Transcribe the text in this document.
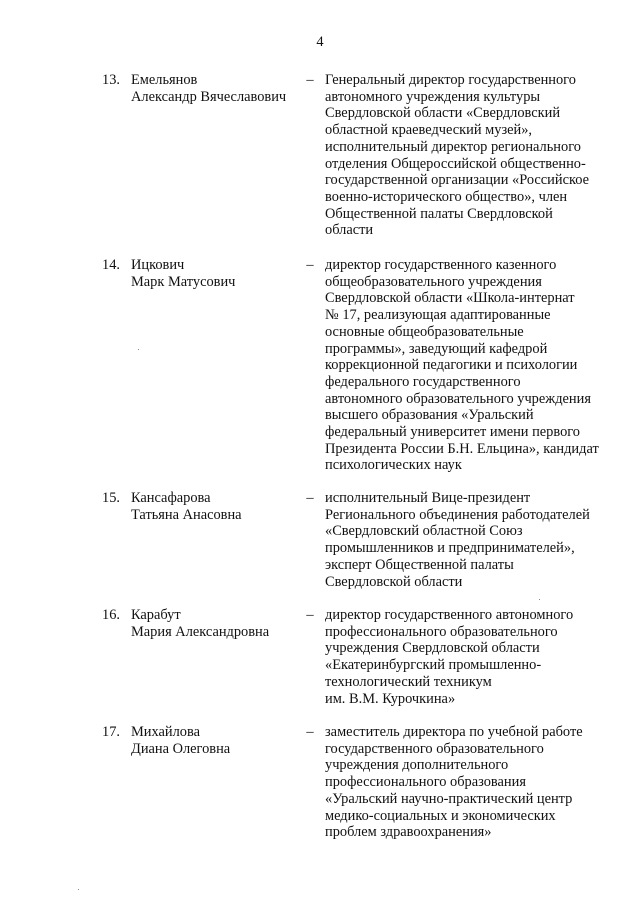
4
13. Емельянов
Александр Вячеславович
– Генеральный директор государственного
автономного учреждения культуры
Свердловской области «Свердловский
областной краеведческий музей»,
исполнительный директор регионального
отделения Общероссийской общественно-
государственной организации «Российское
военно-исторического общество», член
Общественной палаты Свердловской
области
14. Ицкович
Марк Матусович
– директор государственного казенного
общеобразовательного учреждения
Свердловской области «Школа-интернат
№ 17, реализующая адаптированные
основные общеобразовательные
программы», заведующий кафедрой
коррекционной педагогики и психологии
федерального государственного
автономного образовательного учреждения
высшего образования «Уральский
федеральный университет имени первого
Президента России Б.Н. Ельцина», кандидат
психологических наук
15. Кансафарова
Татьяна Анасовна
– исполнительный Вице-президент
Регионального объединения работодателей
«Свердловский областной Союз
промышленников и предпринимателей»,
эксперт Общественной палаты
Свердловской области
16. Карабут
Мария Александровна
– директор государственного автономного
профессионального образовательного
учреждения Свердловской области
«Екатеринбургский промышленно-
технологический техникум
им. В.М. Курочкина»
17. Михайлова
Диана Олеговна
– заместитель директора по учебной работе
государственного образовательного
учреждения дополнительного
профессионального образования
«Уральский научно-практический центр
медико-социальных и экономических
проблем здравоохранения»
